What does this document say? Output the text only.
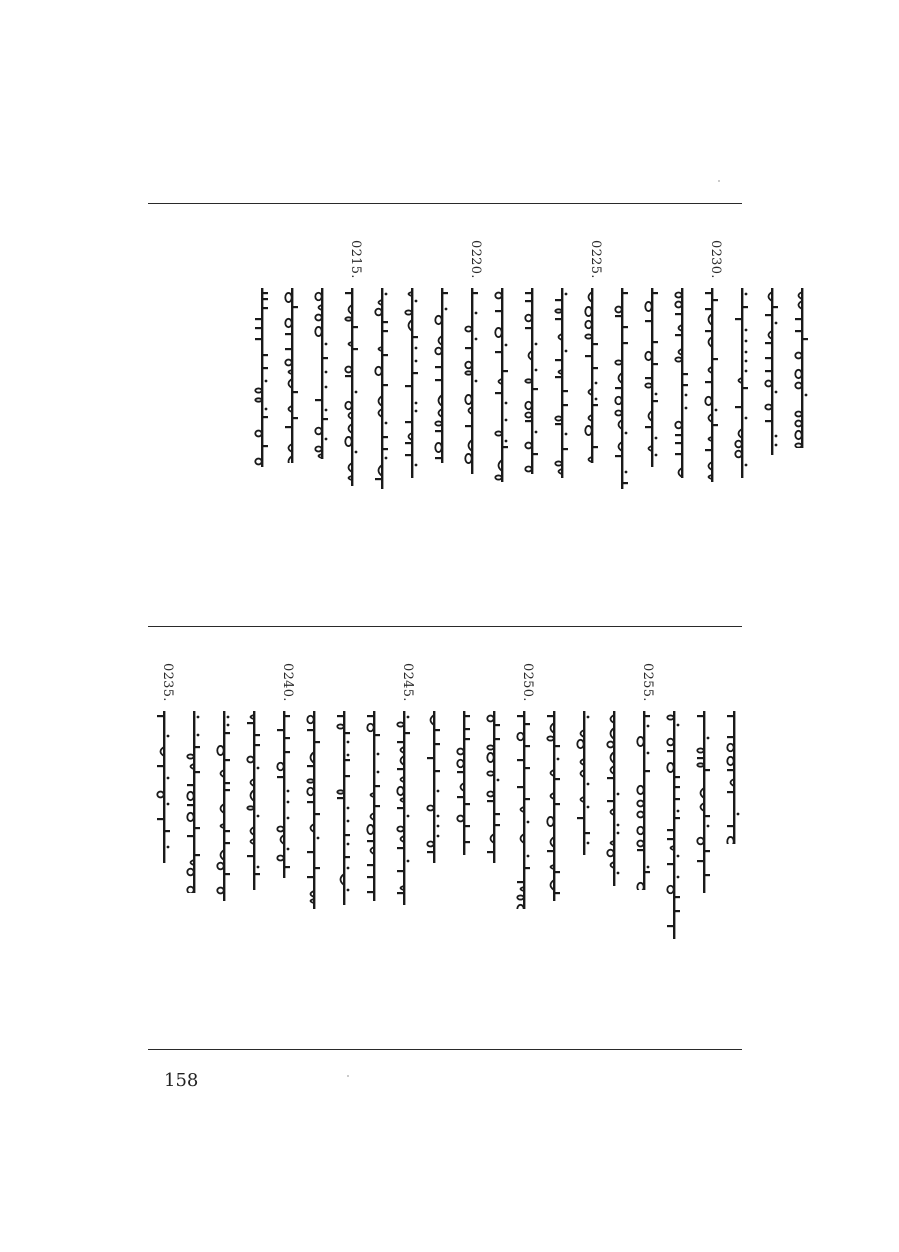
0215.	0220.	0225.	0230.
0235.	0240.	0245.	0250.	0255.
158
